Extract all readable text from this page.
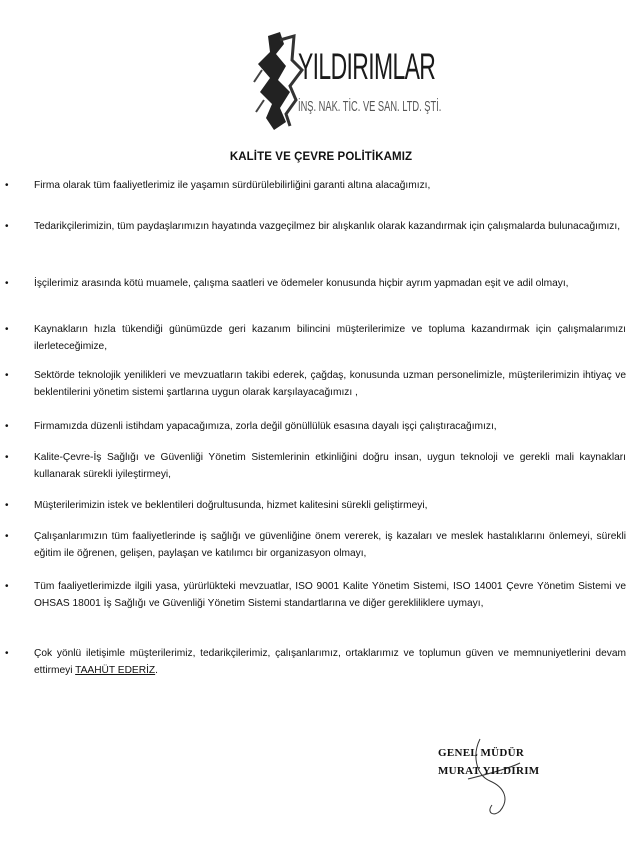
YILDIRIMLAR
İNŞ. NAK. TİC. VE SAN. LTD. ŞTİ.
KALİTE VE ÇEVRE POLİTİKAMIZ
• Firma olarak tüm faaliyetlerimiz ile yaşamın sürdürülebilirliğini garanti altına alacağımızı,
• Tedarikçilerimizin, tüm paydaşlarımızın hayatında vazgeçilmez bir alışkanlık olarak kazandırmak için çalışmalarda bulunacağımızı,
• İşçilerimiz arasında kötü muamele, çalışma saatleri ve ödemeler konusunda hiçbir ayrım yapmadan eşit ve adil olmayı,
• Kaynakların hızla tükendiği günümüzde geri kazanım bilincini müşterilerimize ve topluma kazandırmak için çalışmalarımızı ilerleteceğimize,
• Sektörde teknolojik yenilikleri ve mevzuatların takibi ederek, çağdaş, konusunda uzman personelimizle, müşterilerimizin ihtiyaç ve beklentilerini yönetim sistemi şartlarına uygun olarak karşılayacağımızı ,
• Firmamızda düzenli istihdam yapacağımıza, zorla değil gönüllülük esasına dayalı işçi çalıştıracağımızı,
• Kalite-Çevre-İş Sağlığı ve Güvenliği Yönetim Sistemlerinin etkinliğini doğru insan, uygun teknoloji ve gerekli mali kaynakları kullanarak sürekli iyileştirmeyi,
• Müşterilerimizin istek ve beklentileri doğrultusunda, hizmet kalitesini sürekli geliştirmeyi,
• Çalışanlarımızın tüm faaliyetlerinde iş sağlığı ve güvenliğine önem vererek, iş kazaları ve meslek hastalıklarını önlemeyi, sürekli eğitim ile öğrenen, gelişen, paylaşan ve katılımcı bir organizasyon olmayı,
• Tüm faaliyetlerimizde ilgili yasa, yürürlükteki mevzuatlar, ISO 9001 Kalite Yönetim Sistemi, ISO 14001 Çevre Yönetim Sistemi ve OHSAS 18001 İş Sağlığı ve Güvenliği Yönetim Sistemi standartlarına ve diğer gerekliliklere uymayı,
• Çok yönlü iletişimle müşterilerimiz, tedarikçilerimiz, çalışanlarımız, ortaklarımız ve toplumun güven ve memnuniyetlerini devam ettirmeyi TAAHÜT EDERİZ.
GENEL MÜDÜR
MURAT YILDIRIM
